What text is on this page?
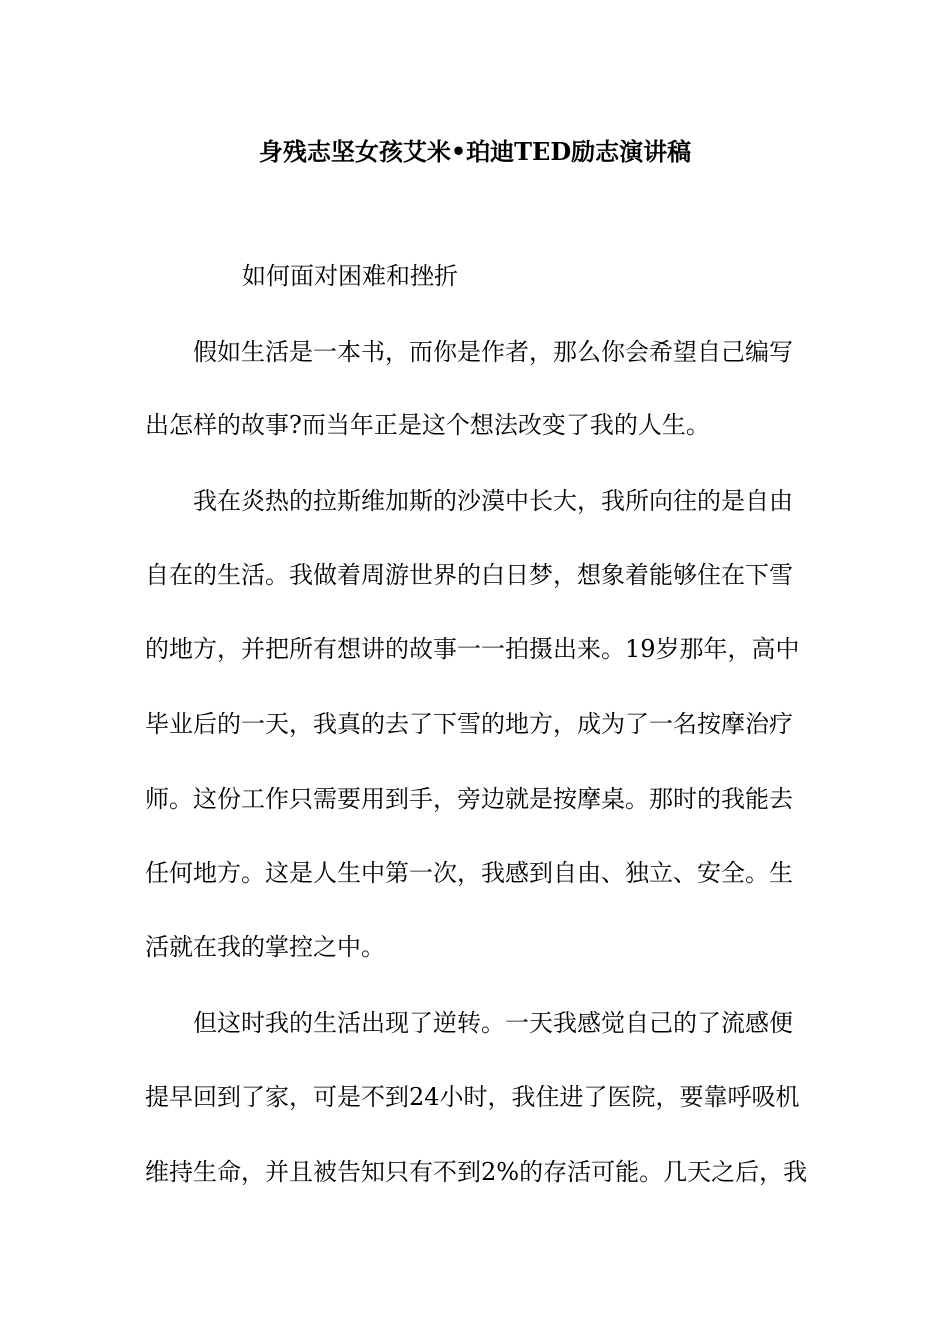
身残志坚女孩艾米•珀迪TED励志演讲稿
如何面对困难和挫折
假如生活是一本书，而你是作者，那么你会希望自己编写
出怎样的故事?而当年正是这个想法改变了我的人生。
我在炎热的拉斯维加斯的沙漠中长大，我所向往的是自由
自在的生活。我做着周游世界的白日梦，想象着能够住在下雪
的地方，并把所有想讲的故事一一拍摄出来。19岁那年，高中
毕业后的一天，我真的去了下雪的地方，成为了一名按摩治疗
师。这份工作只需要用到手，旁边就是按摩桌。那时的我能去
任何地方。这是人生中第一次，我感到自由、独立、安全。生
活就在我的掌控之中。
但这时我的生活出现了逆转。一天我感觉自己的了流感便
提早回到了家，可是不到24小时，我住进了医院，要靠呼吸机
维持生命，并且被告知只有不到2%的存活可能。几天之后，我
